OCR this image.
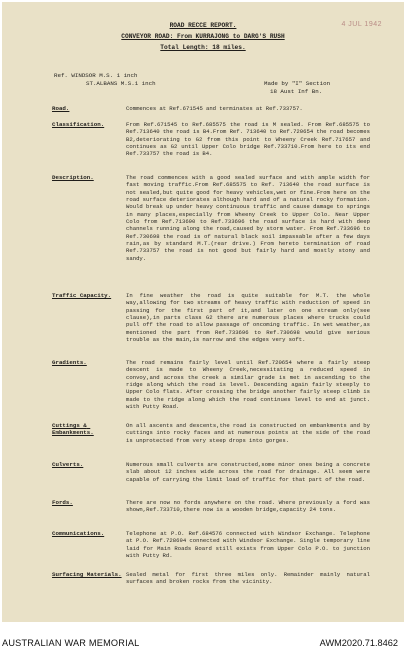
4 JUL 1942
ROAD RECCE REPORT.
CONVEYOR ROAD: From KURRAJONG to DARG'S RUSH
Total Length: 18 miles.
Ref. WINDSOR M.S. 1 inch
ST.ALBANS M.S.1 inch	Made by "I" Section
18 Aust Inf Bn.
Road.	Commences at Ref.671545 and terminates at Ref.733757.
Classification.	From Ref.671545 to Ref.685575 the road is M sealed. From Ref.685575 to Ref.713640 the road is B4.From Ref. 713640 to Ref.720654 the road becomes B2,deteriorating to G2 from this point to Wheeny Creek Ref.717657 and continues as G2 until Upper Colo bridge Ref.733710.From here to its end Ref.733757 the road is B4.
Description.	The road commences with a good sealed surface and with ample width for fast moving traffic.From Ref.685575 to Ref. 713640 the road surface is not sealed,but quite good for heavy vehicles,wet or fine.From here on the road surface deteriorates although hard and of a natural rocky formation. Would break up under heavy continuous traffic and cause damage to springs in many places,especially from Wheeny Creek to Upper Colo. Near Upper Colo from Ref.713690 to Ref.733696 the road surface is hard with deep channels running along the road,caused by storm water. From Ref.733696 to Ref.730698 the road is of natural black soil impassable after a few days rain,as by standard M.T.(rear drive.) From hereto termination of road Ref.733757 the road is not good but fairly hard and mostly stony and sandy.
Traffic Capacity.	In fine weather the road is quite suitable for M.T. the whole way,allowing for two streams of heavy traffic with reduction of speed in passing for the first part of it,and later on one stream only(see clause),in parts class G2 there are numerous places where trucks could pull off the road to allow passage of oncoming traffic. In wet weather,as mentioned the part from Ref.733696 to Ref.730698 would give serious trouble as the main,is narrow and the edges very soft.
Gradients.	The road remains fairly level until Ref.720654 where a fairly steep descent is made to Wheeny Creek,necessitating a reduced speed in convoy,and across the creek a similar grade is met in ascending to the ridge along which the road is level. Descending again fairly steeply to Upper Colo flats. After crossing the bridge another fairly steep climb is made to the ridge along which the road continues level to end at junct. with Putty Road.
Cuttings & Embankments.
On all ascents and descents,the road is constructed on embankments and by cuttings into rocky faces and at numerous points at the side of the road is unprotected from very steep drops into gorges.
Culverts.	Numerous small culverts are constructed,some minor ones being a concrete slab about 12 inches wide across the road for drainage. All seem were capable of carrying the limit load of traffic for that part of the road.
Fords.	There are now no fords anywhere on the road. Where previously a ford was shown,Ref.733710,there now is a wooden bridge,capacity 24 tons.
Communications.	Telephone at P.O. Ref.684576 connected with Windsor Exchange. Telephone at P.O. Ref.728694 connected with Windsor Exchange. Single temporary line laid for Main Roads Board still exists from Upper Colo P.O. to junction with Putty Rd.
Surfacing Materials. Sealed metal for first three miles only. Remainder mainly natural surfaces and broken rocks from the vicinity.
AUSTRALIAN WAR MEMORIAL	AWM2020.71.8462
